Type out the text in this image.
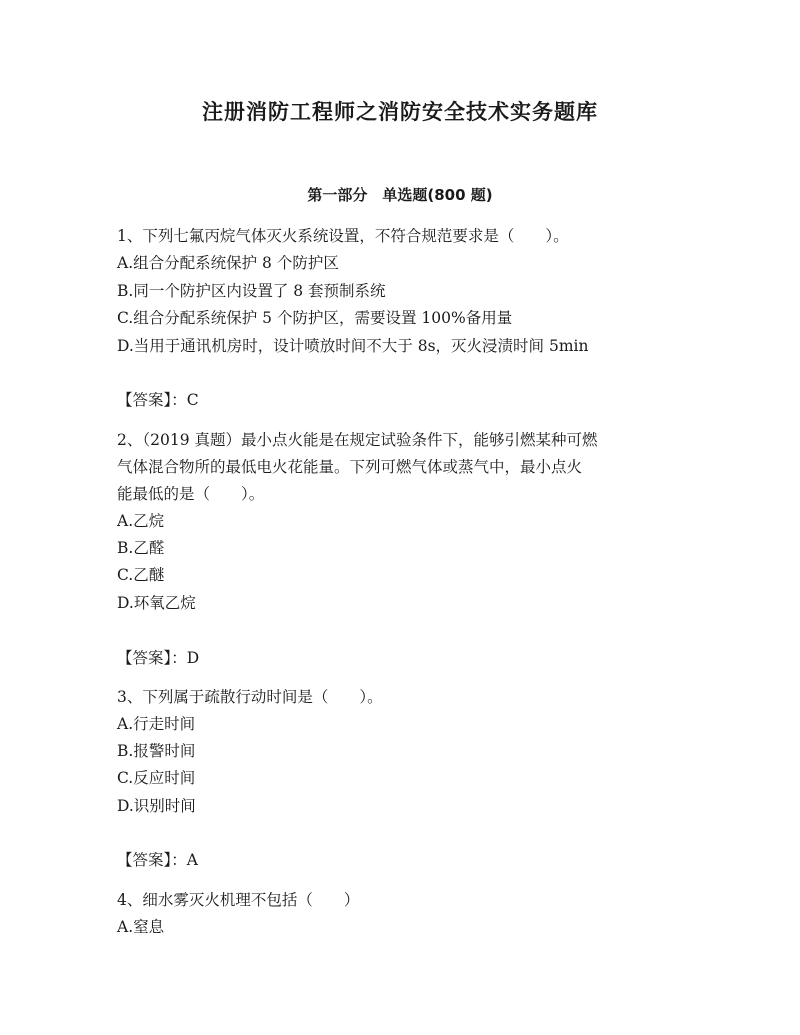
注册消防工程师之消防安全技术实务题库
第一部分　单选题(800 题)
1、下列七氟丙烷气体灭火系统设置，不符合规范要求是（　　）。
A.组合分配系统保护 8 个防护区
B.同一个防护区内设置了 8 套预制系统
C.组合分配系统保护 5 个防护区，需要设置 100%备用量
D.当用于通讯机房时，设计喷放时间不大于 8s，灭火浸渍时间 5min
【答案】：C
2、（2019 真题）最小点火能是在规定试验条件下，能够引燃某种可燃
气体混合物所的最低电火花能量。下列可燃气体或蒸气中，最小点火
能最低的是（　　）。
A.乙烷
B.乙醛
C.乙醚
D.环氧乙烷
【答案】：D
3、下列属于疏散行动时间是（　　）。
A.行走时间
B.报警时间
C.反应时间
D.识别时间
【答案】：A
4、细水雾灭火机理不包括（　　）
A.窒息
